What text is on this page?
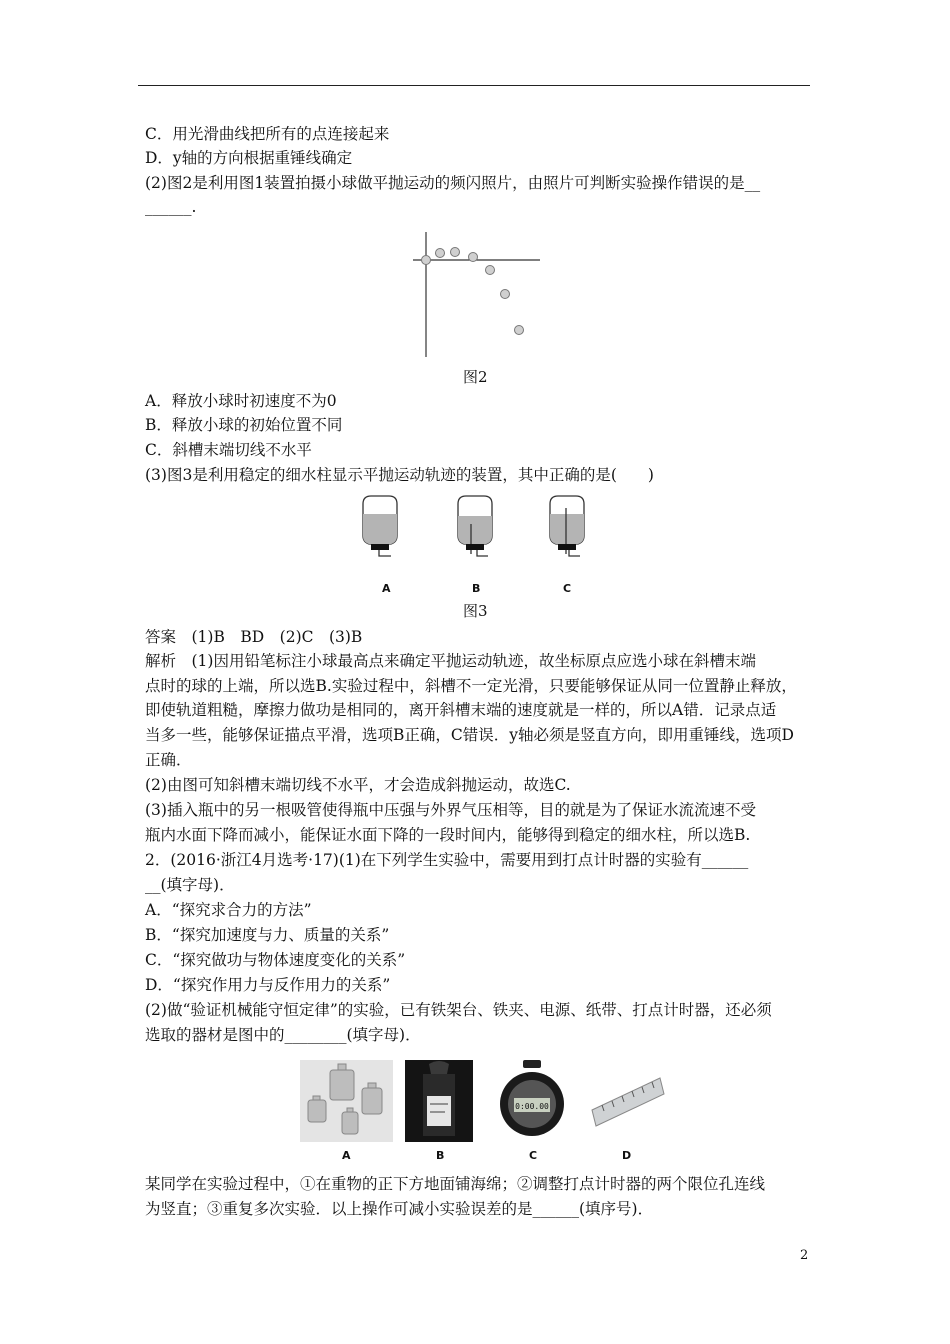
C．用光滑曲线把所有的点连接起来
D．y轴的方向根据重锤线确定
(2)图2是利用图1装置拍摄小球做平抛运动的频闪照片，由照片可判断实验操作错误的是__
______.
图2
A．释放小球时初速度不为0
B．释放小球的初始位置不同
C．斜槽末端切线不水平
(3)图3是利用稳定的细水柱显示平抛运动轨迹的装置，其中正确的是(　　)
A	B	C
图3
答案　(1)B　BD　(2)C　(3)B
解析　(1)因用铅笔标注小球最高点来确定平抛运动轨迹，故坐标原点应选小球在斜槽末端
点时的球的上端，所以选B.实验过程中，斜槽不一定光滑，只要能够保证从同一位置静止释放，
即使轨道粗糙，摩擦力做功是相同的，离开斜槽末端的速度就是一样的，所以A错．记录点适
当多一些，能够保证描点平滑，选项B正确，C错误．y轴必须是竖直方向，即用重锤线，选项D
正确．
(2)由图可知斜槽末端切线不水平，才会造成斜抛运动，故选C.
(3)插入瓶中的另一根吸管使得瓶中压强与外界气压相等，目的就是为了保证水流流速不受
瓶内水面下降而减小，能保证水面下降的一段时间内，能够得到稳定的细水柱，所以选B.
2．(2016·浙江4月选考·17)(1)在下列学生实验中，需要用到打点计时器的实验有______
__(填字母)．
A．“探究求合力的方法”
B．“探究加速度与力、质量的关系”
C．“探究做功与物体速度变化的关系”
D．“探究作用力与反作用力的关系”
(2)做“验证机械能守恒定律”的实验，已有铁架台、铁夹、电源、纸带、打点计时器，还必须
选取的器材是图中的________(填字母)．
0:00.00
A	B	C	D
某同学在实验过程中，①在重物的正下方地面铺海绵；②调整打点计时器的两个限位孔连线
为竖直；③重复多次实验．以上操作可减小实验误差的是______(填序号)．
2
